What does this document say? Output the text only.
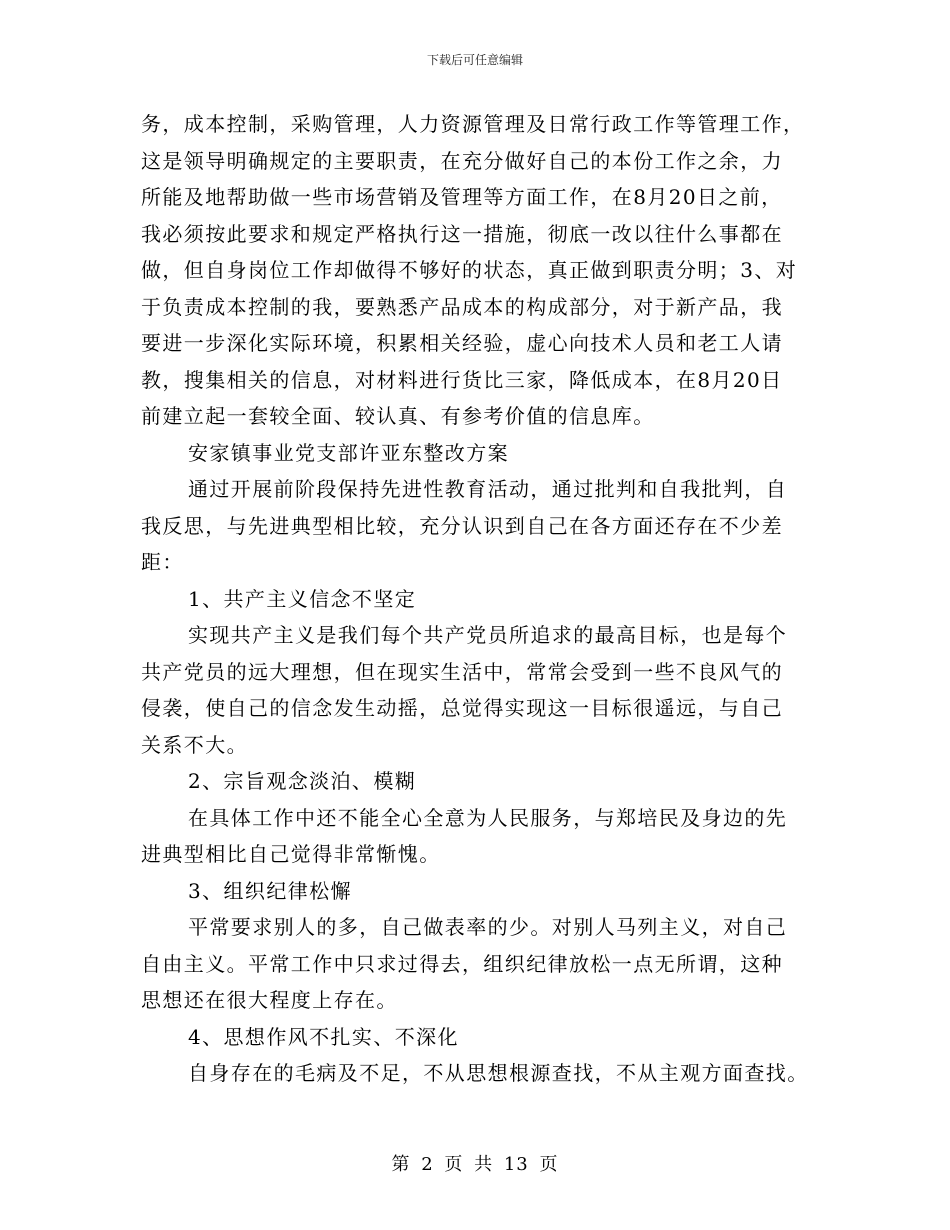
下载后可任意编辑
务，成本控制，采购管理，人力资源管理及日常行政工作等管理工作，
这是领导明确规定的主要职责，在充分做好自己的本份工作之余，力
所能及地帮助做一些市场营销及管理等方面工作，在8月20日之前，
我必须按此要求和规定严格执行这一措施，彻底一改以往什么事都在
做，但自身岗位工作却做得不够好的状态，真正做到职责分明；3、对
于负责成本控制的我，要熟悉产品成本的构成部分，对于新产品，我
要进一步深化实际环境，积累相关经验，虚心向技术人员和老工人请
教，搜集相关的信息，对材料进行货比三家，降低成本，在8月20日
前建立起一套较全面、较认真、有参考价值的信息库。
安家镇事业党支部许亚东整改方案
通过开展前阶段保持先进性教育活动，通过批判和自我批判，自
我反思，与先进典型相比较，充分认识到自己在各方面还存在不少差
距：
1、共产主义信念不坚定
实现共产主义是我们每个共产党员所追求的最高目标，也是每个
共产党员的远大理想，但在现实生活中，常常会受到一些不良风气的
侵袭，使自己的信念发生动摇，总觉得实现这一目标很遥远，与自己
关系不大。
2、宗旨观念淡泊、模糊
在具体工作中还不能全心全意为人民服务，与郑培民及身边的先
进典型相比自己觉得非常惭愧。
3、组织纪律松懈
平常要求别人的多，自己做表率的少。对别人马列主义，对自己
自由主义。平常工作中只求过得去，组织纪律放松一点无所谓，这种
思想还在很大程度上存在。
4、思想作风不扎实、不深化
自身存在的毛病及不足，不从思想根源查找，不从主观方面查找。
第 2 页 共 13 页
